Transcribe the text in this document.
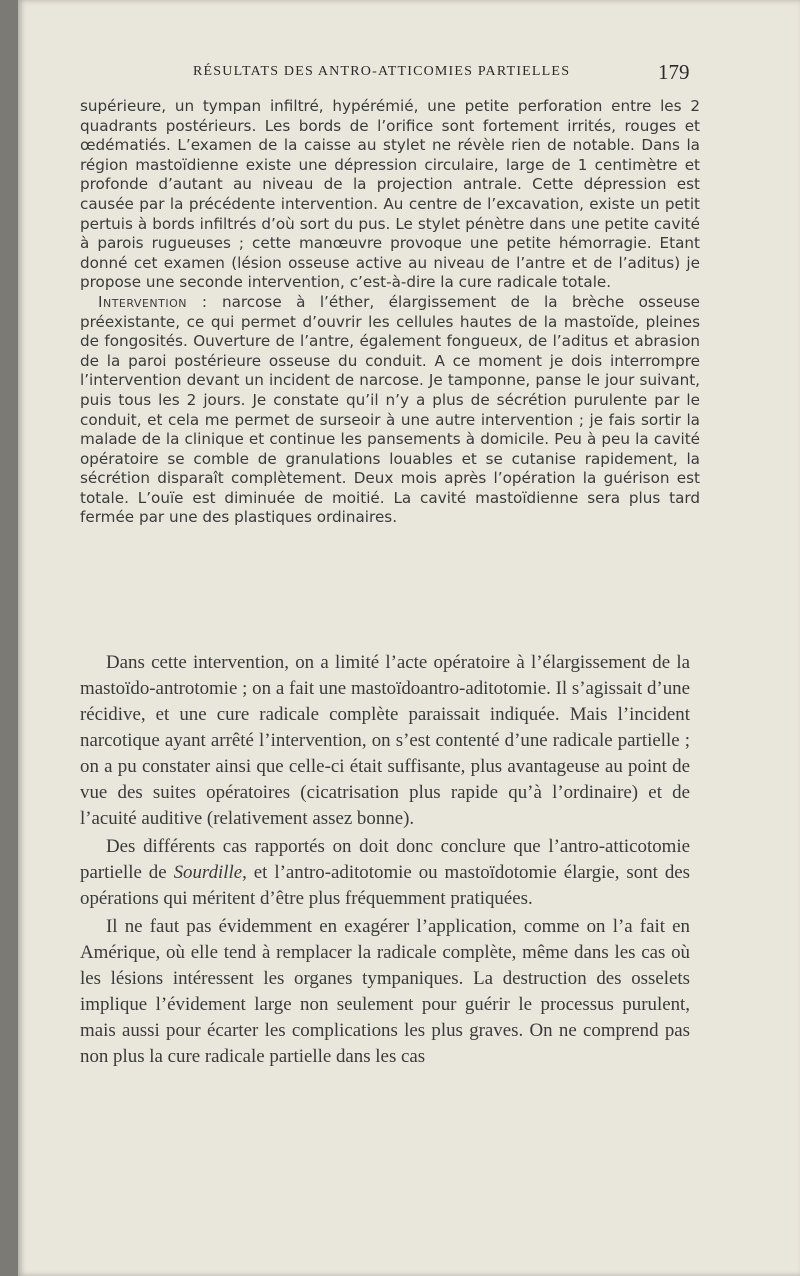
RÉSULTATS DES ANTRO-ATTICOMIES PARTIELLES	179

supérieure, un tympan infiltré, hypérémié, une petite perforation entre les 2 quadrants postérieurs. Les bords de l’orifice sont fortement irrités, rouges et œdématiés. L’examen de la caisse au stylet ne révèle rien de notable. Dans la région mastoïdienne existe une dépression circulaire, large de 1 centimètre et profonde d’autant au niveau de la projection antrale. Cette dépression est causée par la précédente intervention. Au centre de l’excavation, existe un petit pertuis à bords infiltrés d’où sort du pus. Le stylet pénètre dans une petite cavité à parois rugueuses ; cette manœuvre provoque une petite hémorragie. Etant donné cet examen (lésion osseuse active au niveau de l’antre et de l’aditus) je propose une seconde intervention, c’est-à-dire la cure radicale totale.

Intervention : narcose à l’éther, élargissement de la brèche osseuse préexistante, ce qui permet d’ouvrir les cellules hautes de la mastoïde, pleines de fongosités. Ouverture de l’antre, également fongueux, de l’aditus et abrasion de la paroi postérieure osseuse du conduit. A ce moment je dois interrompre l’intervention devant un incident de narcose. Je tamponne, panse le jour suivant, puis tous les 2 jours. Je constate qu’il n’y a plus de sécrétion purulente par le conduit, et cela me permet de surseoir à une autre intervention ; je fais sortir la malade de la clinique et continue les pansements à domicile. Peu à peu la cavité opératoire se comble de granulations louables et se cutanise rapidement, la sécrétion disparaît complètement. Deux mois après l’opération la guérison est totale. L’ouïe est diminuée de moitié. La cavité mastoïdienne sera plus tard fermée par une des plastiques ordinaires.

Dans cette intervention, on a limité l’acte opératoire à l’élargissement de la mastoïdo-antrotomie ; on a fait une mastoïdoantro-aditotomie. Il s’agissait d’une récidive, et une cure radicale complète paraissait indiquée. Mais l’incident narcotique ayant arrêté l’intervention, on s’est contenté d’une radicale partielle ; on a pu constater ainsi que celle-ci était suffisante, plus avantageuse au point de vue des suites opératoires (cicatrisation plus rapide qu’à l’ordinaire) et de l’acuité auditive (relativement assez bonne).

Des différents cas rapportés on doit donc conclure que l’antro-atticotomie partielle de Sourdille, et l’antro-aditotomie ou mastoïdotomie élargie, sont des opérations qui méritent d’être plus fréquemment pratiquées.

Il ne faut pas évidemment en exagérer l’application, comme on l’a fait en Amérique, où elle tend à remplacer la radicale complète, même dans les cas où les lésions intéressent les organes tympaniques. La destruction des osselets implique l’évidement large non seulement pour guérir le processus purulent, mais aussi pour écarter les complications les plus graves. On ne comprend pas non plus la cure radicale partielle dans les cas
